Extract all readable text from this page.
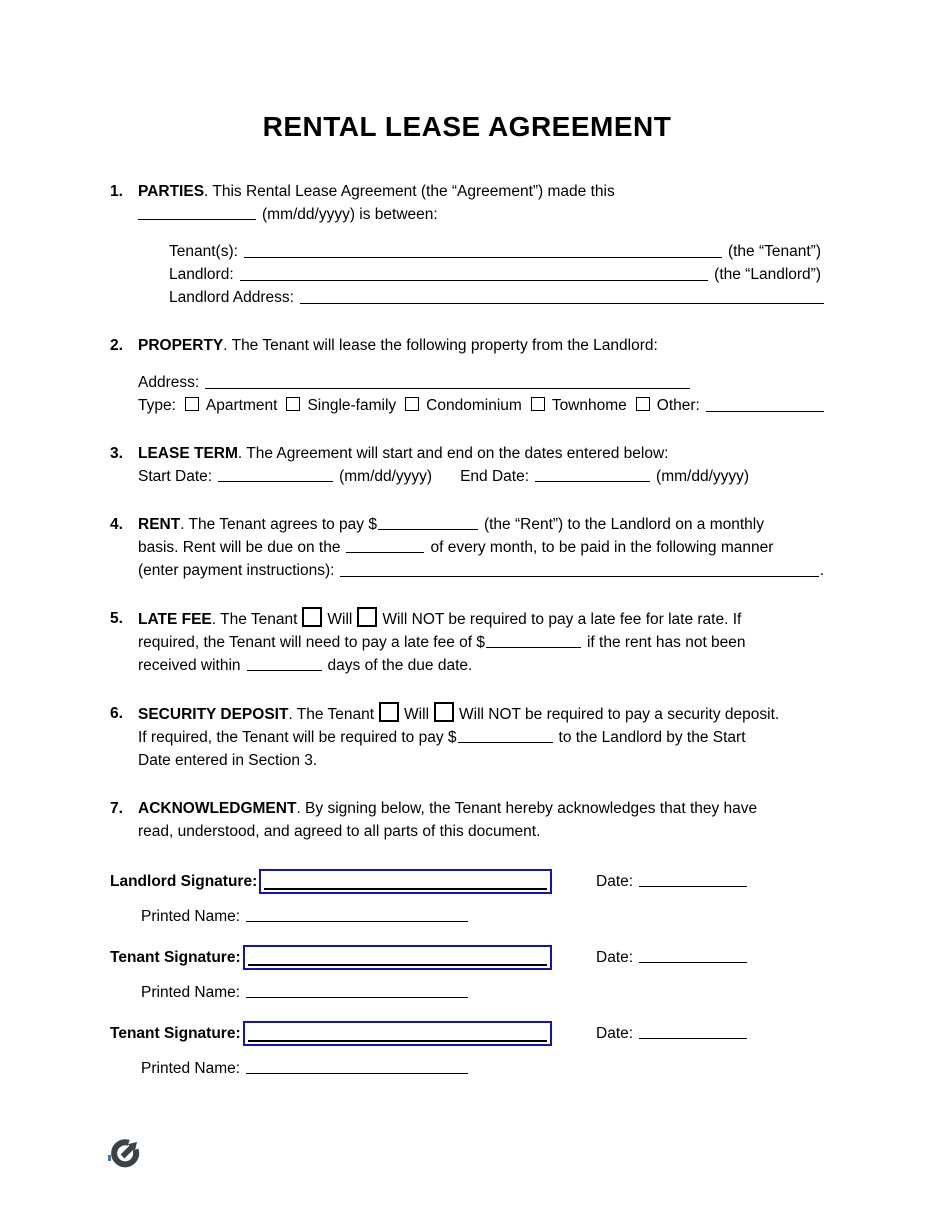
RENTAL LEASE AGREEMENT
1. PARTIES. This Rental Lease Agreement (the “Agreement”) made this
(mm/dd/yyyy) is between:
Tenant(s):	(the “Tenant”)
Landlord:	(the “Landlord”)
Landlord Address:
2. PROPERTY. The Tenant will lease the following property from the Landlord:
Address:
Type:	Apartment	Single-family	Condominium	Townhome	Other:
3. LEASE TERM. The Agreement will start and end on the dates entered below:
Start Date:	(mm/dd/yyyy) End Date:	(mm/dd/yyyy)
4. RENT. The Tenant agrees to pay $	(the “Rent”) to the Landlord on a monthly
basis. Rent will be due on the	of every month, to be paid in the following manner
(enter payment instructions):	.
5. LATE FEE. The Tenant Will Will NOT be required to pay a late fee for late rate. If
required, the Tenant will need to pay a late fee of $	if the rent has not been
received within	days of the due date.
6. SECURITY DEPOSIT. The Tenant Will Will NOT be required to pay a security deposit.
If required, the Tenant will be required to pay $	to the Landlord by the Start
Date entered in Section 3.
7. ACKNOWLEDGMENT. By signing below, the Tenant hereby acknowledges that they have
read, understood, and agreed to all parts of this document.
Landlord Signature:	Date:
Printed Name:
Tenant Signature:	Date:
Printed Name:
Tenant Signature:	Date:
Printed Name:
